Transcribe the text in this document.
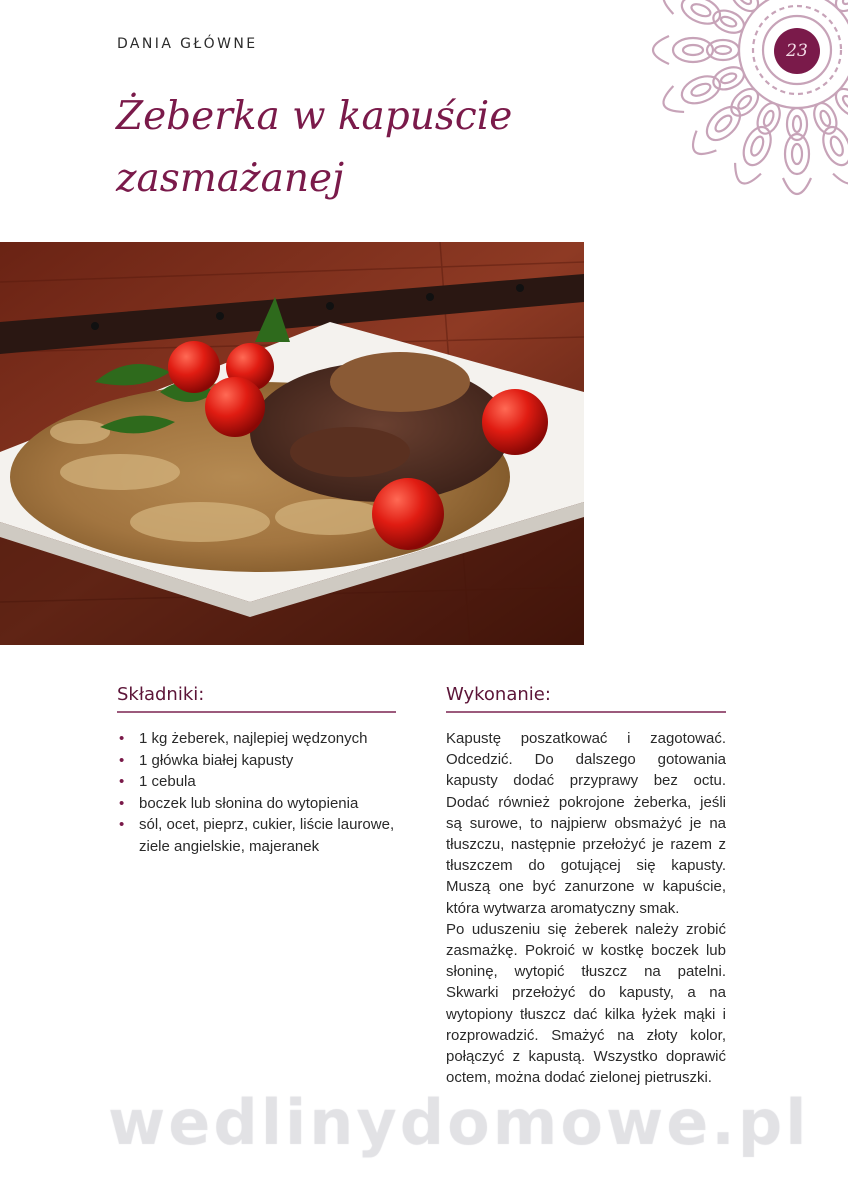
DANIA GŁÓWNE	23
Żeberka w kapuście
zasmażanej
Składniki:
• 1 kg żeberek, najlepiej wędzonych
• 1 główka białej kapusty
• 1 cebula
• boczek lub słonina do wytopienia
• sól, ocet, pieprz, cukier, liście laurowe, ziele angielskie, majeranek
Wykonanie:

Kapustę poszatkować i zagotować. Odcedzić. Do dalszego gotowania kapusty dodać przyprawy bez octu. Dodać również pokrojone żeberka, jeśli są surowe, to najpierw obsmażyć je na tłuszczu, następnie przełożyć je razem z tłuszczem do gotującej się kapusty. Muszą one być zanurzone w kapuście, która wytwarza aromatyczny smak.

Po uduszeniu się żeberek należy zrobić zasmażkę. Pokroić w kostkę boczek lub słoninę, wytopić tłuszcz na patelni. Skwarki przełożyć do kapusty, a na wytopiony tłuszcz dać kilka łyżek mąki i rozprowadzić. Smażyć na złoty kolor, połączyć z kapustą. Wszystko doprawić octem, można dodać zielonej pietruszki.

wedlinydomowe.pl
